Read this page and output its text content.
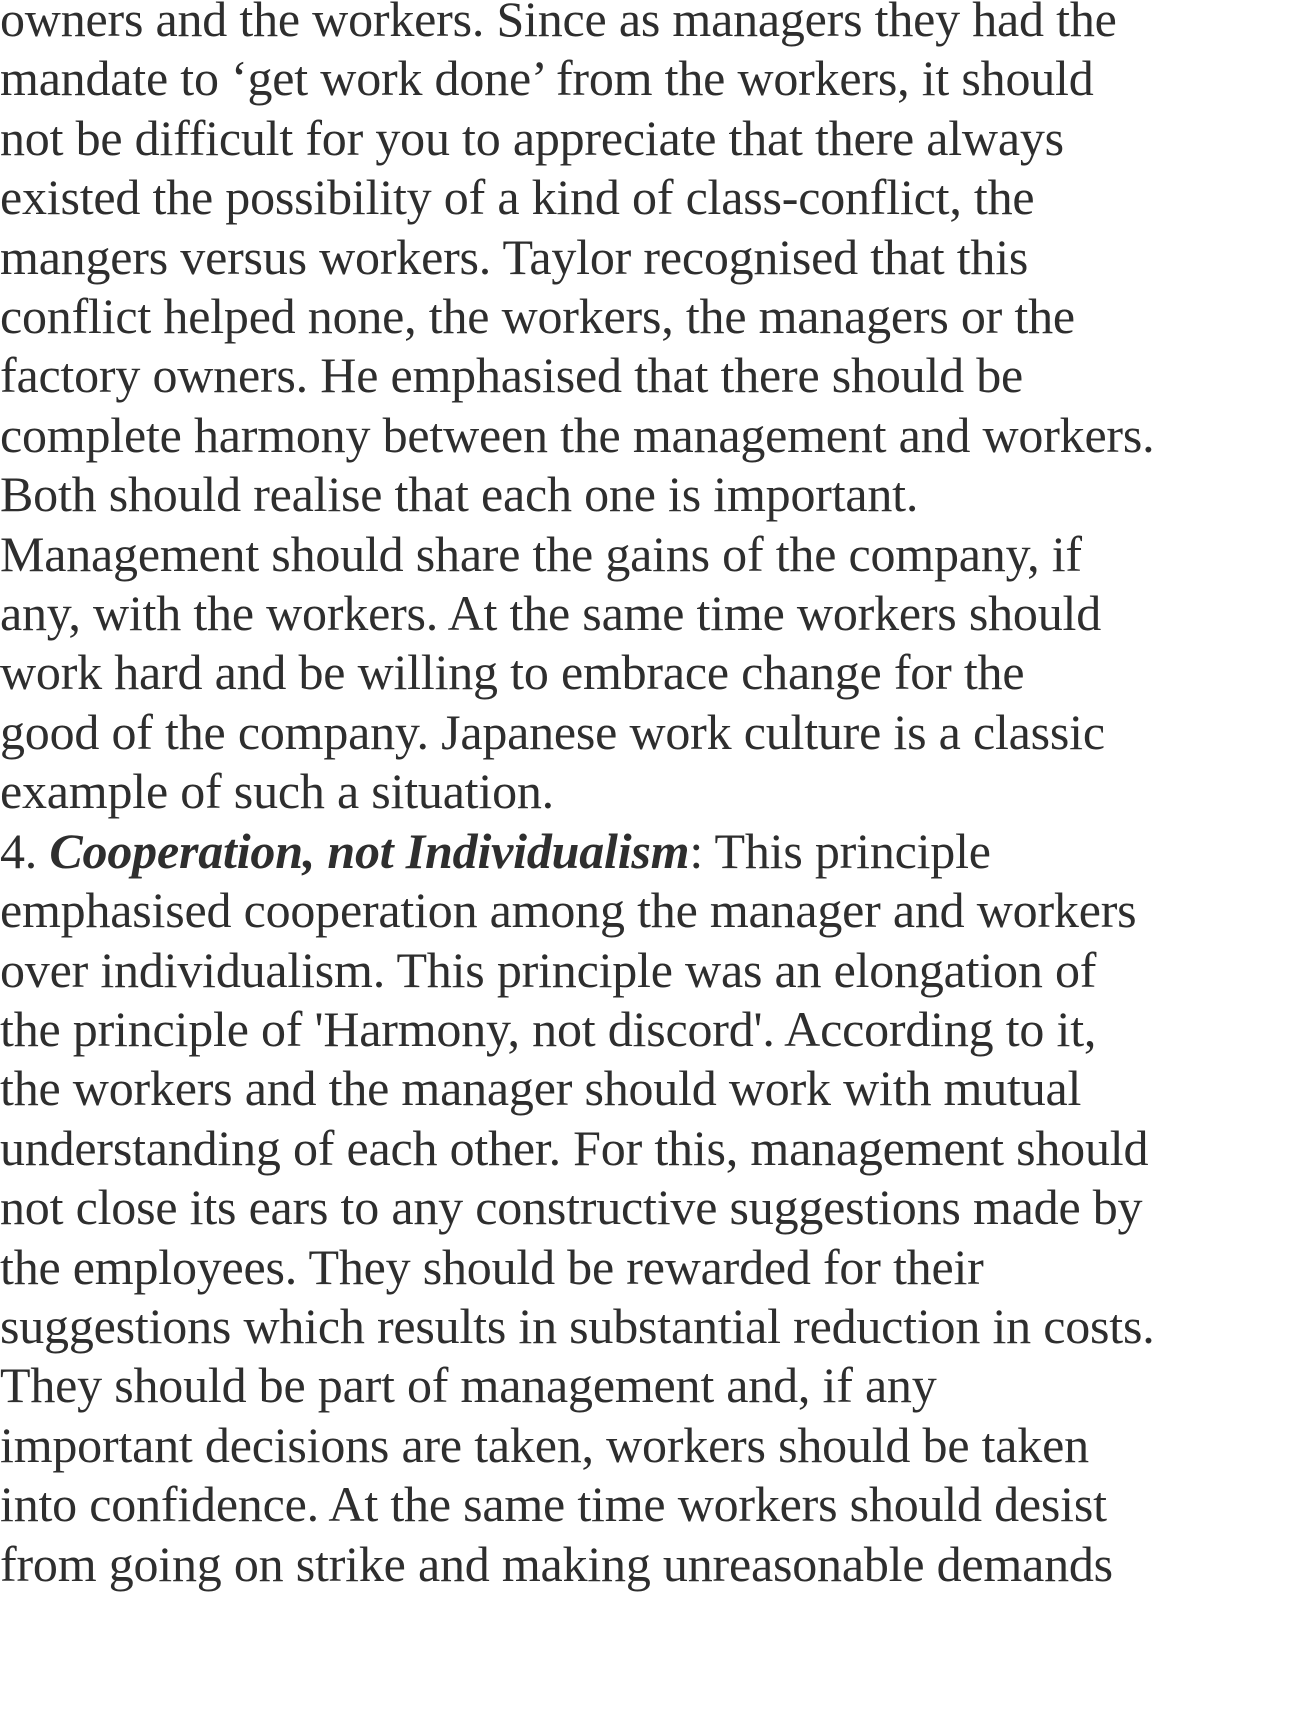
owners and the workers. Since as managers they had the
mandate to ‘get work done’ from the workers, it should
not be difficult for you to appreciate that there always
existed the possibility of a kind of class-conflict, the
mangers versus workers. Taylor recognised that this
conflict helped none, the workers, the managers or the
factory owners. He emphasised that there should be
complete harmony between the management and workers.
Both should realise that each one is important.
Management should share the gains of the company, if
any, with the workers. At the same time workers should
work hard and be willing to embrace change for the
good of the company. Japanese work culture is a classic
example of such a situation.
4. Cooperation, not Individualism: This principle
emphasised cooperation among the manager and workers
over individualism. This principle was an elongation of
the principle of 'Harmony, not discord'. According to it,
the workers and the manager should work with mutual
understanding of each other. For this, management should
not close its ears to any constructive suggestions made by
the employees. They should be rewarded for their
suggestions which results in substantial reduction in costs.
They should be part of management and, if any
important decisions are taken, workers should be taken
into confidence. At the same time workers should desist
from going on strike and making unreasonable demands
